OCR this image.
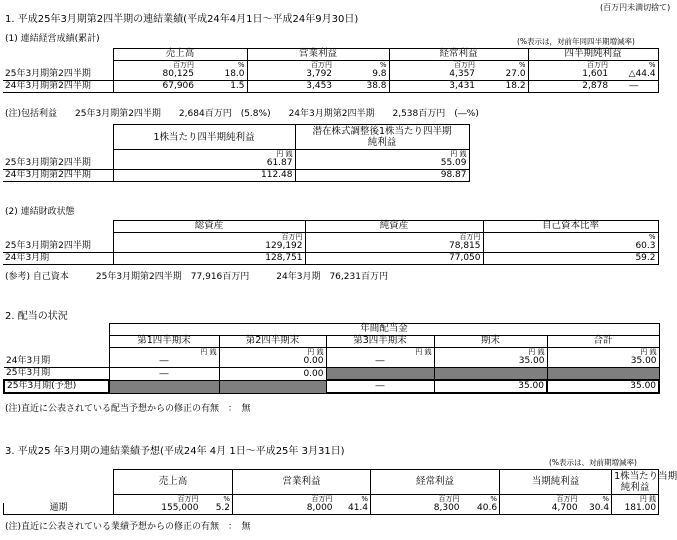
(百万円未満切捨て)
1. 平成25年3月期第2四半期の連結業績(平成24年4月1日～平成24年9月30日)
(1) 連結経営成績(累計)	(%表示は，対前年同四半期増減率)
	売上高		営業利益		経常利益		四半期純利益	
	百万円	%	百万円	%	百万円	%	百万円	%
25年3月期第2四半期	80,125	18.0	3,792	9.8	4,357	27.0	1,601	△44.4
24年3月期第2四半期	67,906	1.5	3,453	38.8	3,431	18.2	2,878	―
(注)包括利益　　25年3月期第2四半期　　2,684百万円　(5.8%)　　24年3月期第2四半期　　2,538百万円　(―%)
	1株当たり四半期純利益	潜在株式調整後1株当たり四半期
純利益

	円 銭	円 銭
25年3月期第2四半期	61.87	55.09
24年3月期第2四半期	112.48	98.87
(2) 連結財政状態
	総資産	純資産	自己資本比率
	百万円	百万円	%
25年3月期第2四半期	129,192	78,815	60.3
24年3月期	128,751	77,050	59.2
(参考) 自己資本　　　25年3月期第2四半期　77,916百万円　　　24年3月期　76,231百万円
2. 配当の状況
	年間配当金				
	第1四半期末	第2四半期末	第3四半期末	期末	合計
	円 銭	円 銭	円 銭	円 銭	円 銭
24年3月期	―	0.00	―	35.00	35.00
25年3月期	―	0.00			
25年3月期(予想)			―	35.00	35.00
(注)直近に公表されている配当予想からの修正の有無　：　無
3. 平成25 年3月期の連結業績予想(平成24年 4月 1日～平成25年 3月31日)
(%表示は、対前期増減率)
	売上高		営業利益		経常利益		当期純利益		1株当たり当期
純利益

	百万円	%	百万円	%	百万円	%	百万円	%	円 銭
通期	155,000	5.2	8,000	41.4	8,300	40.6	4,700	30.4	181.00
(注)直近に公表されている業績予想からの修正の有無　：　無
